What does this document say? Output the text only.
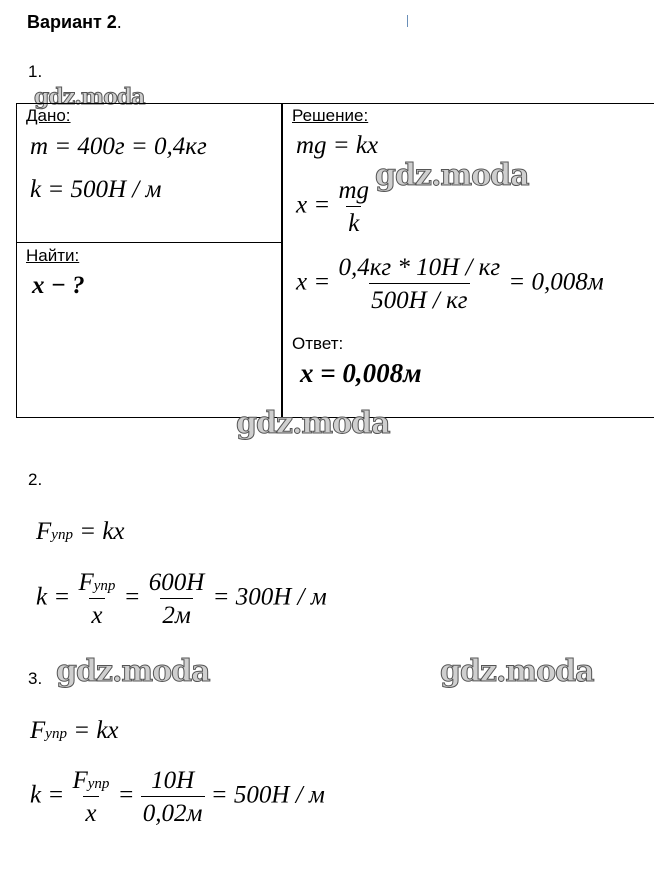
Вариант 2.
1.
gdz.moda
Дано:
m = 400г = 0,4кг
k = 500Н / м
Найти:
x − ?
Решение:
mg = kx
$x = \frac{mg}{k}$
gdz.moda
$x = \frac{0,4кг * 10Н / кг}{500Н / кг} = 0,008м$
Ответ:
x = 0,008м
gdz.moda
2.
Fупр = kx
$k = \frac{\text{Fупр}}{x} = \frac{600Н}{2м} = 300Н / м$
3. gdz.moda	gdz.moda
Fупр = kx
$k = \frac{\text{Fупр}}{x} = \frac{10Н}{0,02м} = 500Н / м$
